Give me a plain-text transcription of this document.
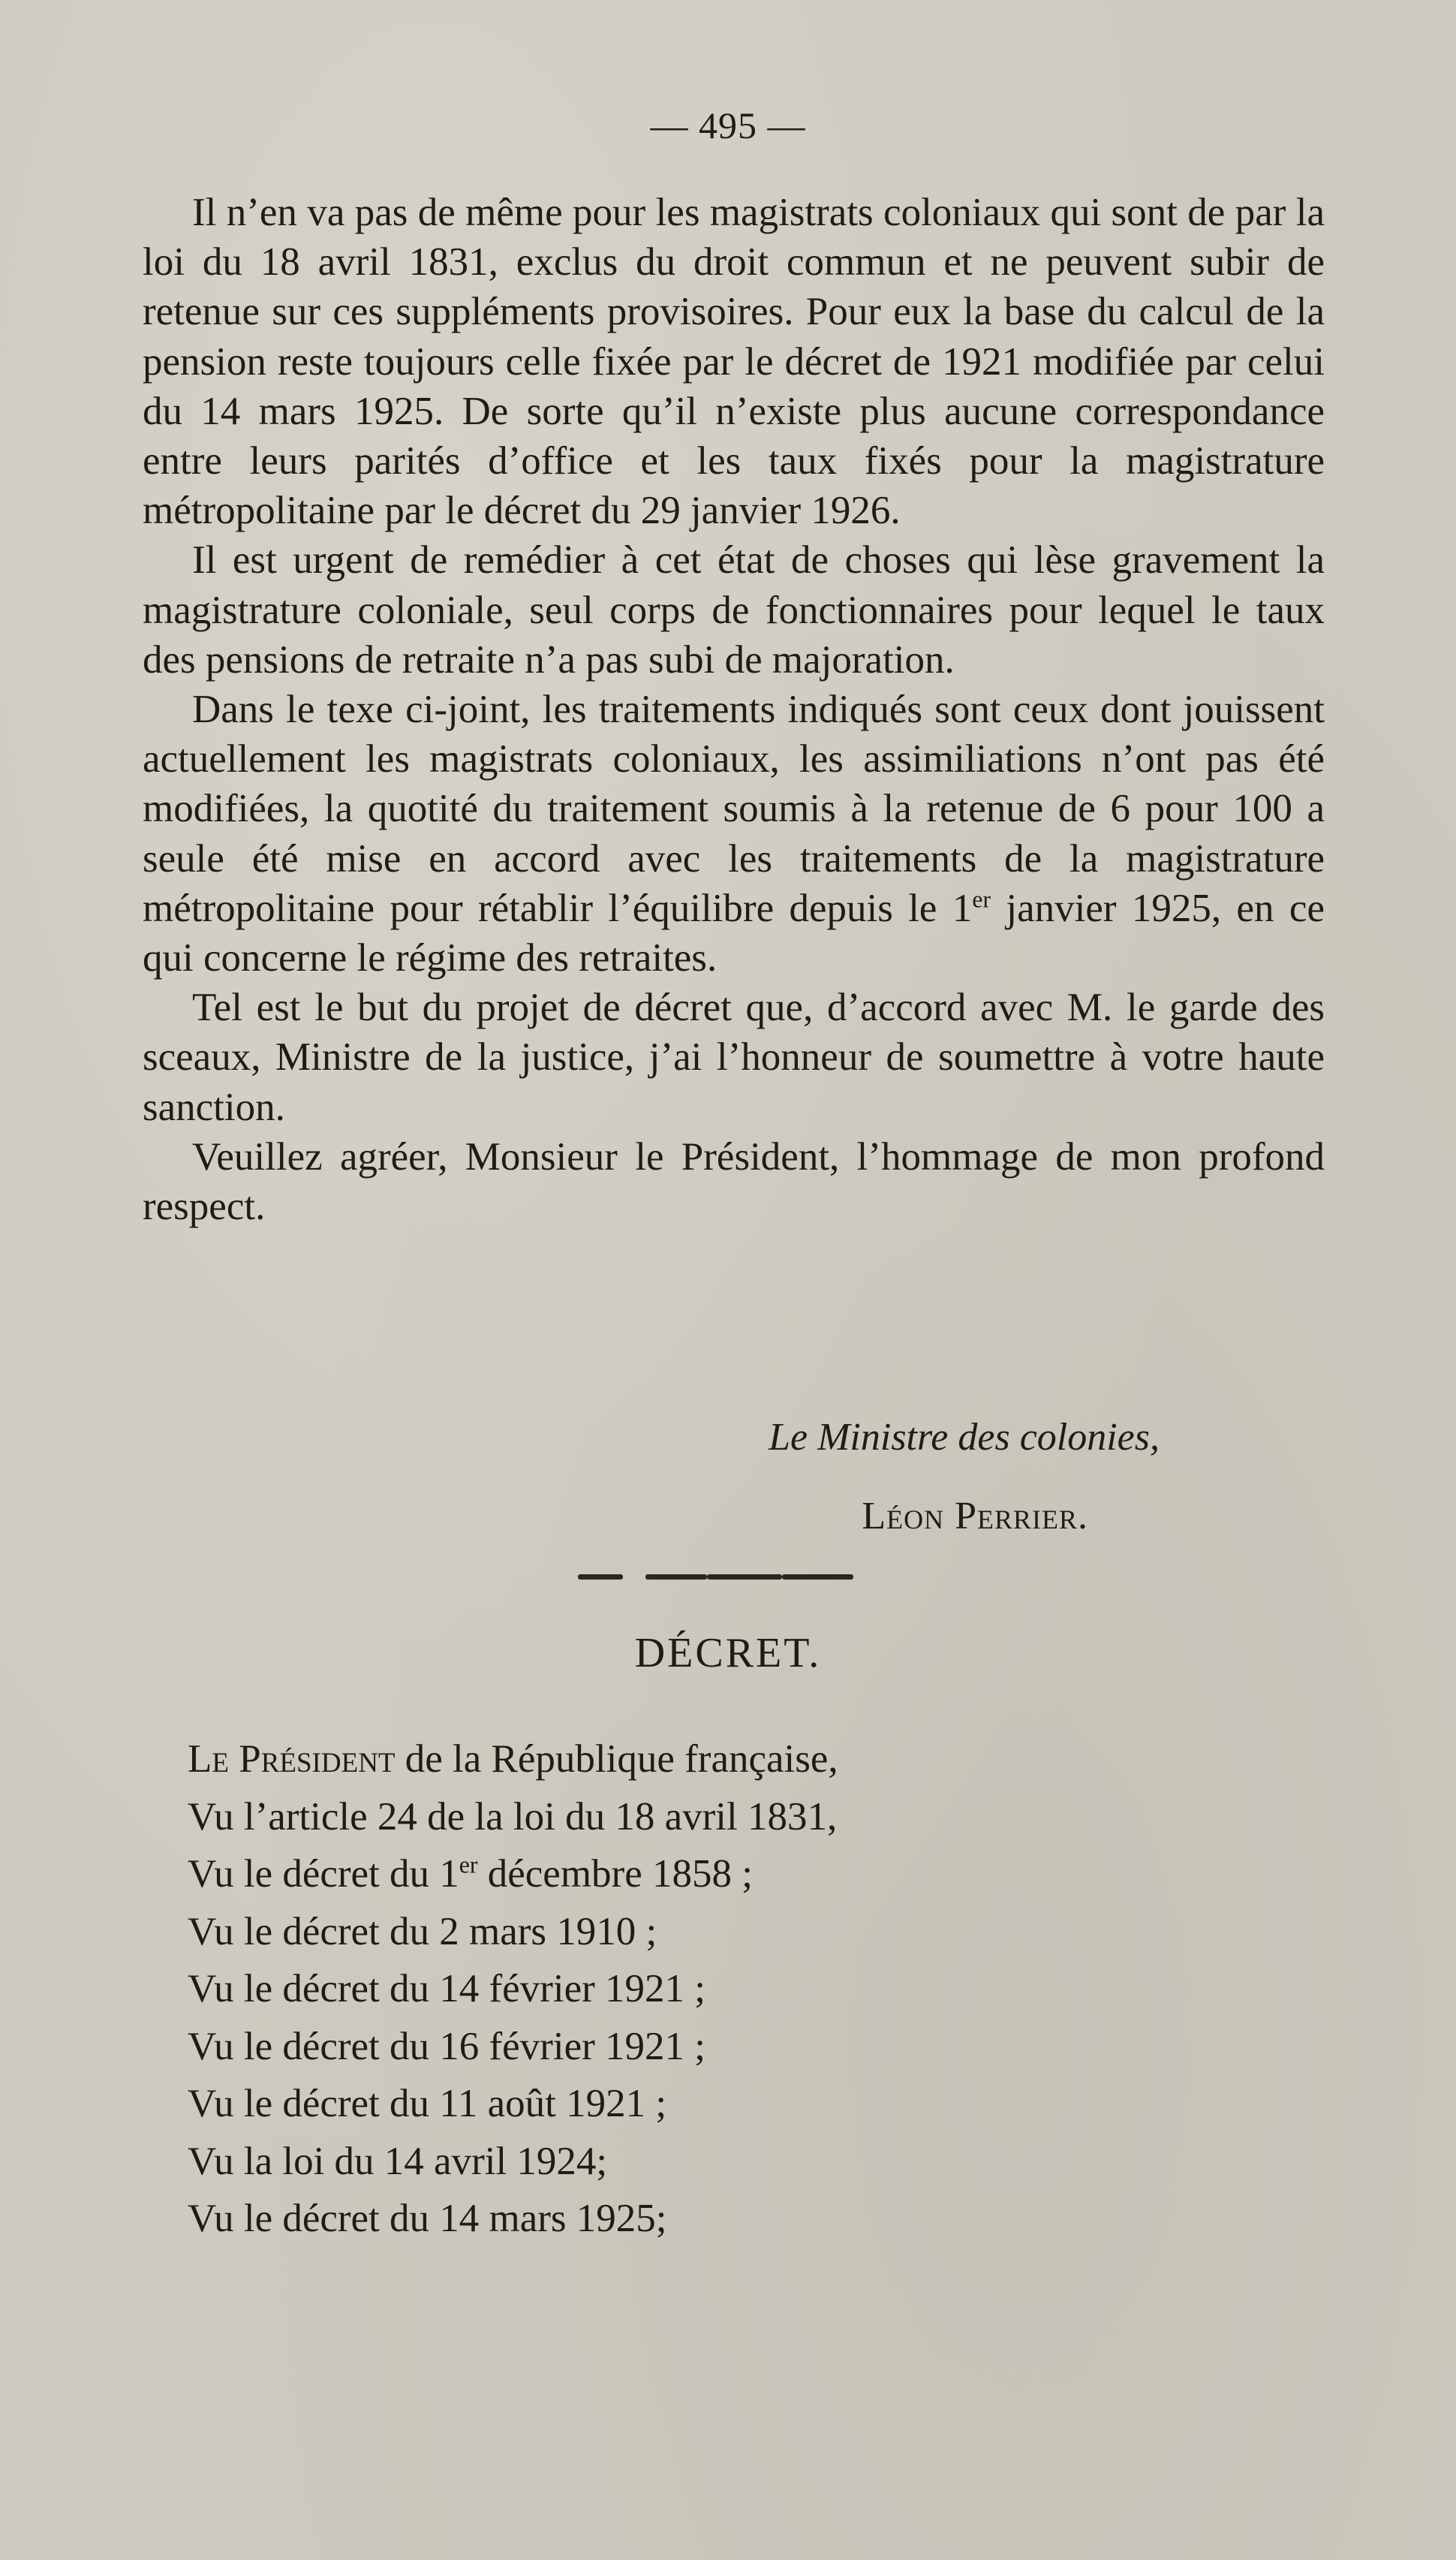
— 495 —

Il n’en va pas de même pour les magistrats coloniaux qui sont de par la loi du 18 avril 1831, exclus du droit commun et ne peuvent subir de retenue sur ces suppléments provisoires. Pour eux la base du calcul de la pension reste toujours celle fixée par le décret de 1921 modifiée par celui du 14 mars 1925. De sorte qu’il n’existe plus aucune correspondance entre leurs parités d’office et les taux fixés pour la magistrature métropolitaine par le décret du 29 janvier 1926.

Il est urgent de remédier à cet état de choses qui lèse gravement la magistrature coloniale, seul corps de fonctionnaires pour lequel le taux des pensions de retraite n’a pas subi de majoration.

Dans le texe ci-joint, les traitements indiqués sont ceux dont jouissent actuellement les magistrats coloniaux, les assimiliations n’ont pas été modifiées, la quotité du traitement soumis à la retenue de 6 pour 100 a seule été mise en accord avec les traitements de la magistrature métropolitaine pour rétablir l’équilibre depuis le 1er janvier 1925, en ce qui concerne le régime des retraites.

Tel est le but du projet de décret que, d’accord avec M. le garde des sceaux, Ministre de la justice, j’ai l’honneur de soumettre à votre haute sanction.

Veuillez agréer, Monsieur le Président, l’hommage de mon profond respect.

Le Ministre des colonies,
Léon Perrier.
DÉCRET.
Le Président de la République française,
Vu l’article 24 de la loi du 18 avril 1831,
Vu le décret du 1er décembre 1858 ;
Vu le décret du 2 mars 1910 ;
Vu le décret du 14 février 1921 ;
Vu le décret du 16 février 1921 ;
Vu le décret du 11 août 1921 ;
Vu la loi du 14 avril 1924;
Vu le décret du 14 mars 1925;
